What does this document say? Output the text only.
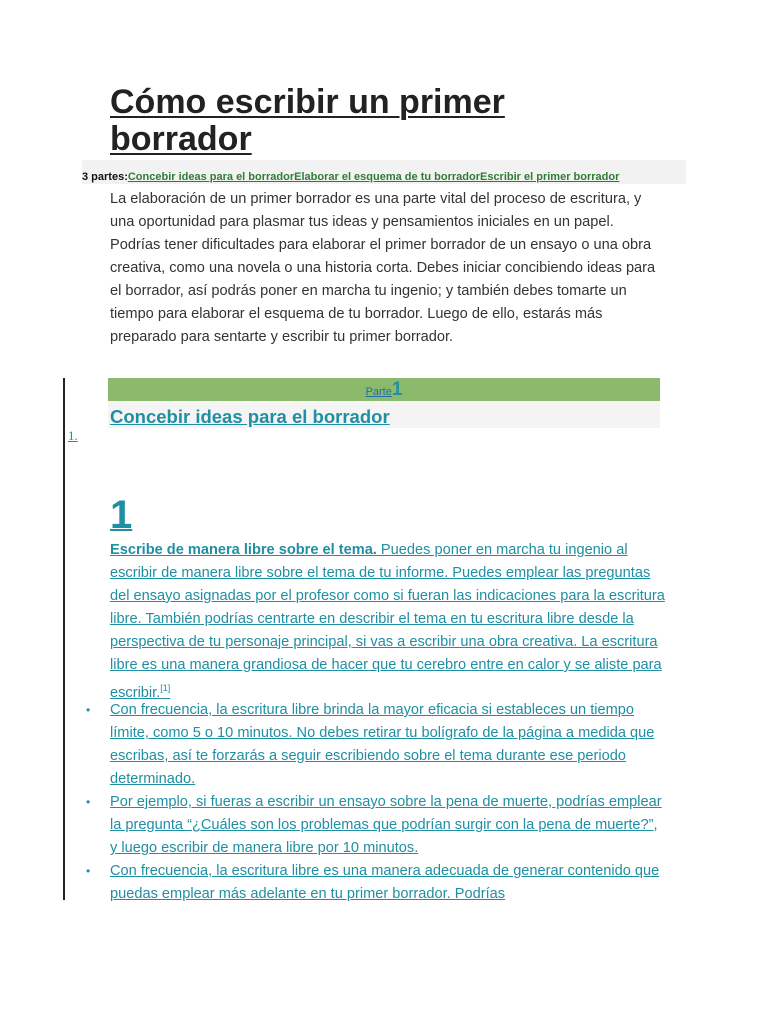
Cómo escribir un primer borrador
3 partes:Concebir ideas para el borradorElaborar el esquema de tu borradorEscribir el primer borrador
La elaboración de un primer borrador es una parte vital del proceso de escritura, y una oportunidad para plasmar tus ideas y pensamientos iniciales en un papel. Podrías tener dificultades para elaborar el primer borrador de un ensayo o una obra creativa, como una novela o una historia corta. Debes iniciar concibiendo ideas para el borrador, así podrás poner en marcha tu ingenio; y también debes tomarte un tiempo para elaborar el esquema de tu borrador. Luego de ello, estarás más preparado para sentarte y escribir tu primer borrador.
Parte1
Concebir ideas para el borrador
1.
1
Escribe de manera libre sobre el tema. Puedes poner en marcha tu ingenio al escribir de manera libre sobre el tema de tu informe. Puedes emplear las preguntas del ensayo asignadas por el profesor como si fueran las indicaciones para la escritura libre. También podrías centrarte en describir el tema en tu escritura libre desde la perspectiva de tu personaje principal, si vas a escribir una obra creativa. La escritura libre es una manera grandiosa de hacer que tu cerebro entre en calor y se aliste para escribir.[1]
• Con frecuencia, la escritura libre brinda la mayor eficacia si estableces un tiempo límite, como 5 o 10 minutos. No debes retirar tu bolígrafo de la página a medida que escribas, así te forzarás a seguir escribiendo sobre el tema durante ese periodo determinado.
• Por ejemplo, si fueras a escribir un ensayo sobre la pena de muerte, podrías emplear la pregunta “¿Cuáles son los problemas que podrían surgir con la pena de muerte?”, y luego escribir de manera libre por 10 minutos.
• Con frecuencia, la escritura libre es una manera adecuada de generar contenido que puedas emplear más adelante en tu primer borrador. Podrías
